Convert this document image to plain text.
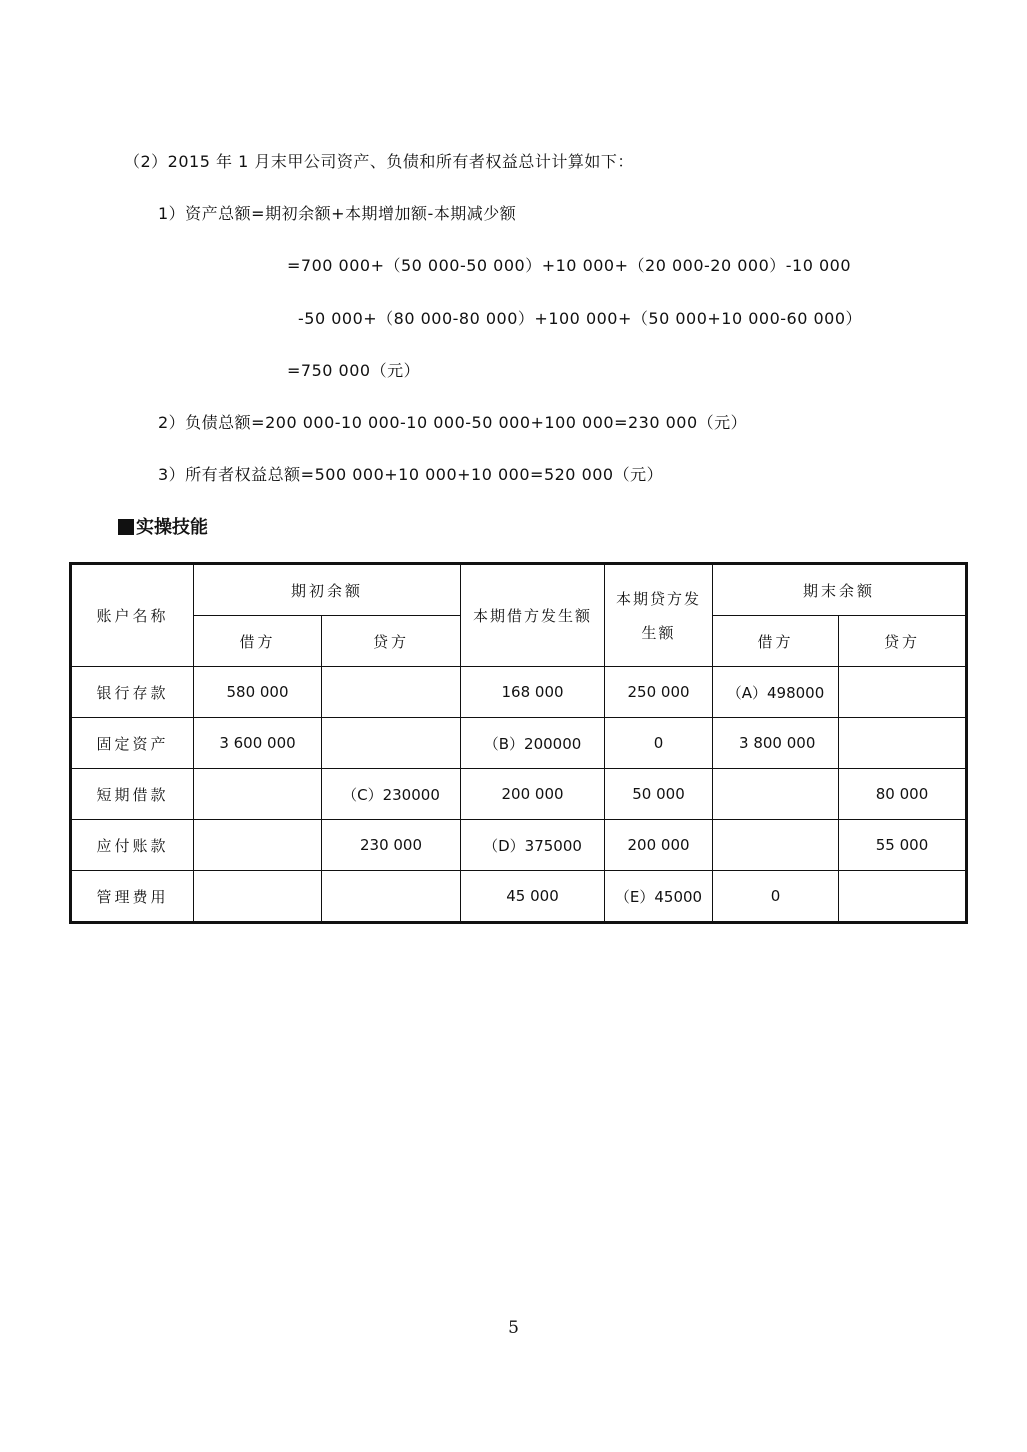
（2）2015 年 1 月末甲公司资产、负债和所有者权益总计计算如下：
1）资产总额=期初余额+本期增加额-本期减少额
=700 000+（50 000-50 000）+10 000+（20 000-20 000）-10 000
-50 000+（80 000-80 000）+100 000+（50 000+10 000-60 000）
=750 000（元）
2）负债总额=200 000-10 000-10 000-50 000+100 000=230 000（元）
3）所有者权益总额=500 000+10 000+10 000=520 000（元）
实操技能
账户名称	期初余额		本期借方发生额	本期贷方发生额	期末余额	
	借方	贷方			借方	贷方
银行存款	580 000		168 000	250 000	（A）498000	
固定资产	3 600 000		（B）200000	0	3 800 000	
短期借款		（C）230000	200 000	50 000		80 000
应付账款		230 000	（D）375000	200 000		55 000
管理费用			45 000	（E）45000	0	
5
